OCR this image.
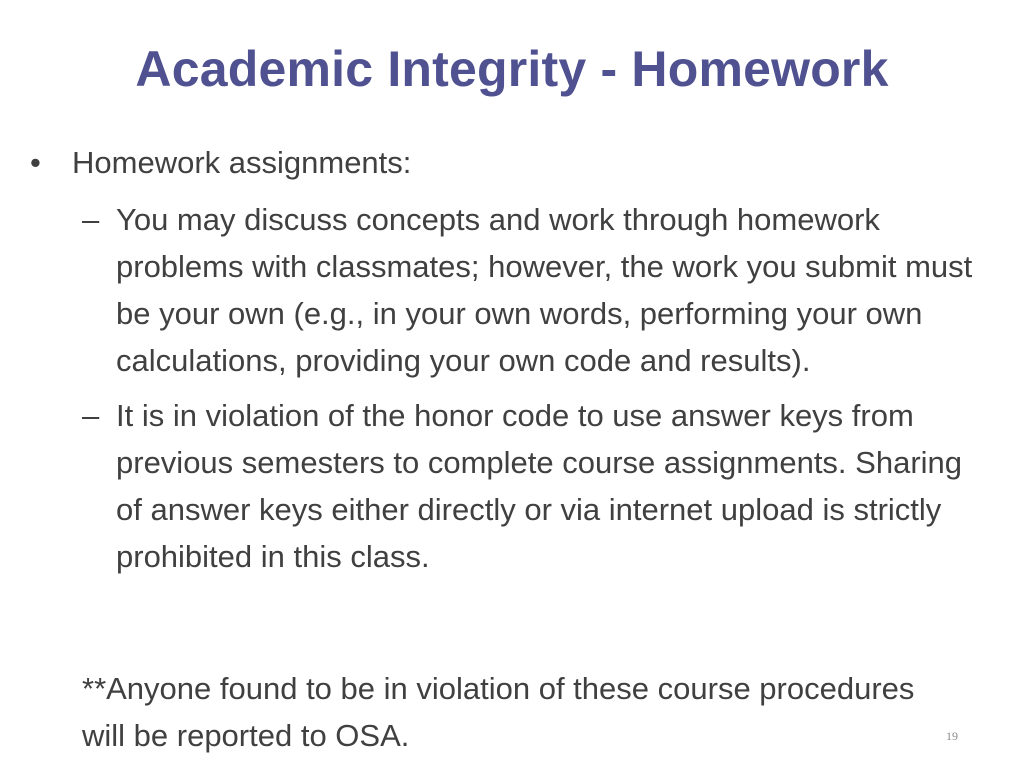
Academic Integrity - Homework
•	Homework assignments:
– You may discuss concepts and work through homework problems with classmates; however, the work you submit must be your own (e.g., in your own words, performing your own calculations, providing your own code and results).
– It is in violation of the honor code to use answer keys from previous semesters to complete course assignments. Sharing of answer keys either directly or via internet upload is strictly prohibited in this class.
**Anyone found to be in violation of these course procedures will be reported to OSA.	19
